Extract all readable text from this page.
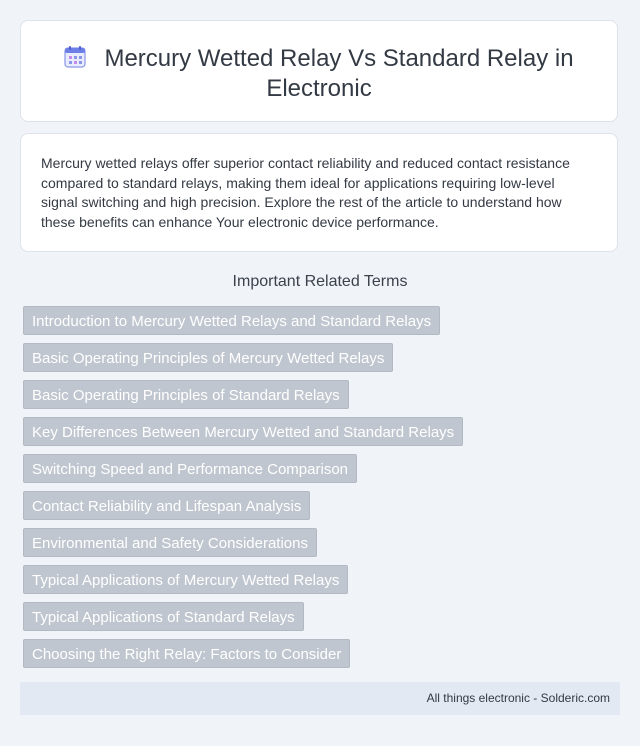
Mercury Wetted Relay Vs Standard Relay in Electronic
Mercury wetted relays offer superior contact reliability and reduced contact resistance compared to standard relays, making them ideal for applications requiring low-level signal switching and high precision. Explore the rest of the article to understand how these benefits can enhance Your electronic device performance.
Important Related Terms
Introduction to Mercury Wetted Relays and Standard Relays
Basic Operating Principles of Mercury Wetted Relays
Basic Operating Principles of Standard Relays
Key Differences Between Mercury Wetted and Standard Relays
Switching Speed and Performance Comparison
Contact Reliability and Lifespan Analysis
Environmental and Safety Considerations
Typical Applications of Mercury Wetted Relays
Typical Applications of Standard Relays
Choosing the Right Relay: Factors to Consider
All things electronic - Solderic.com
